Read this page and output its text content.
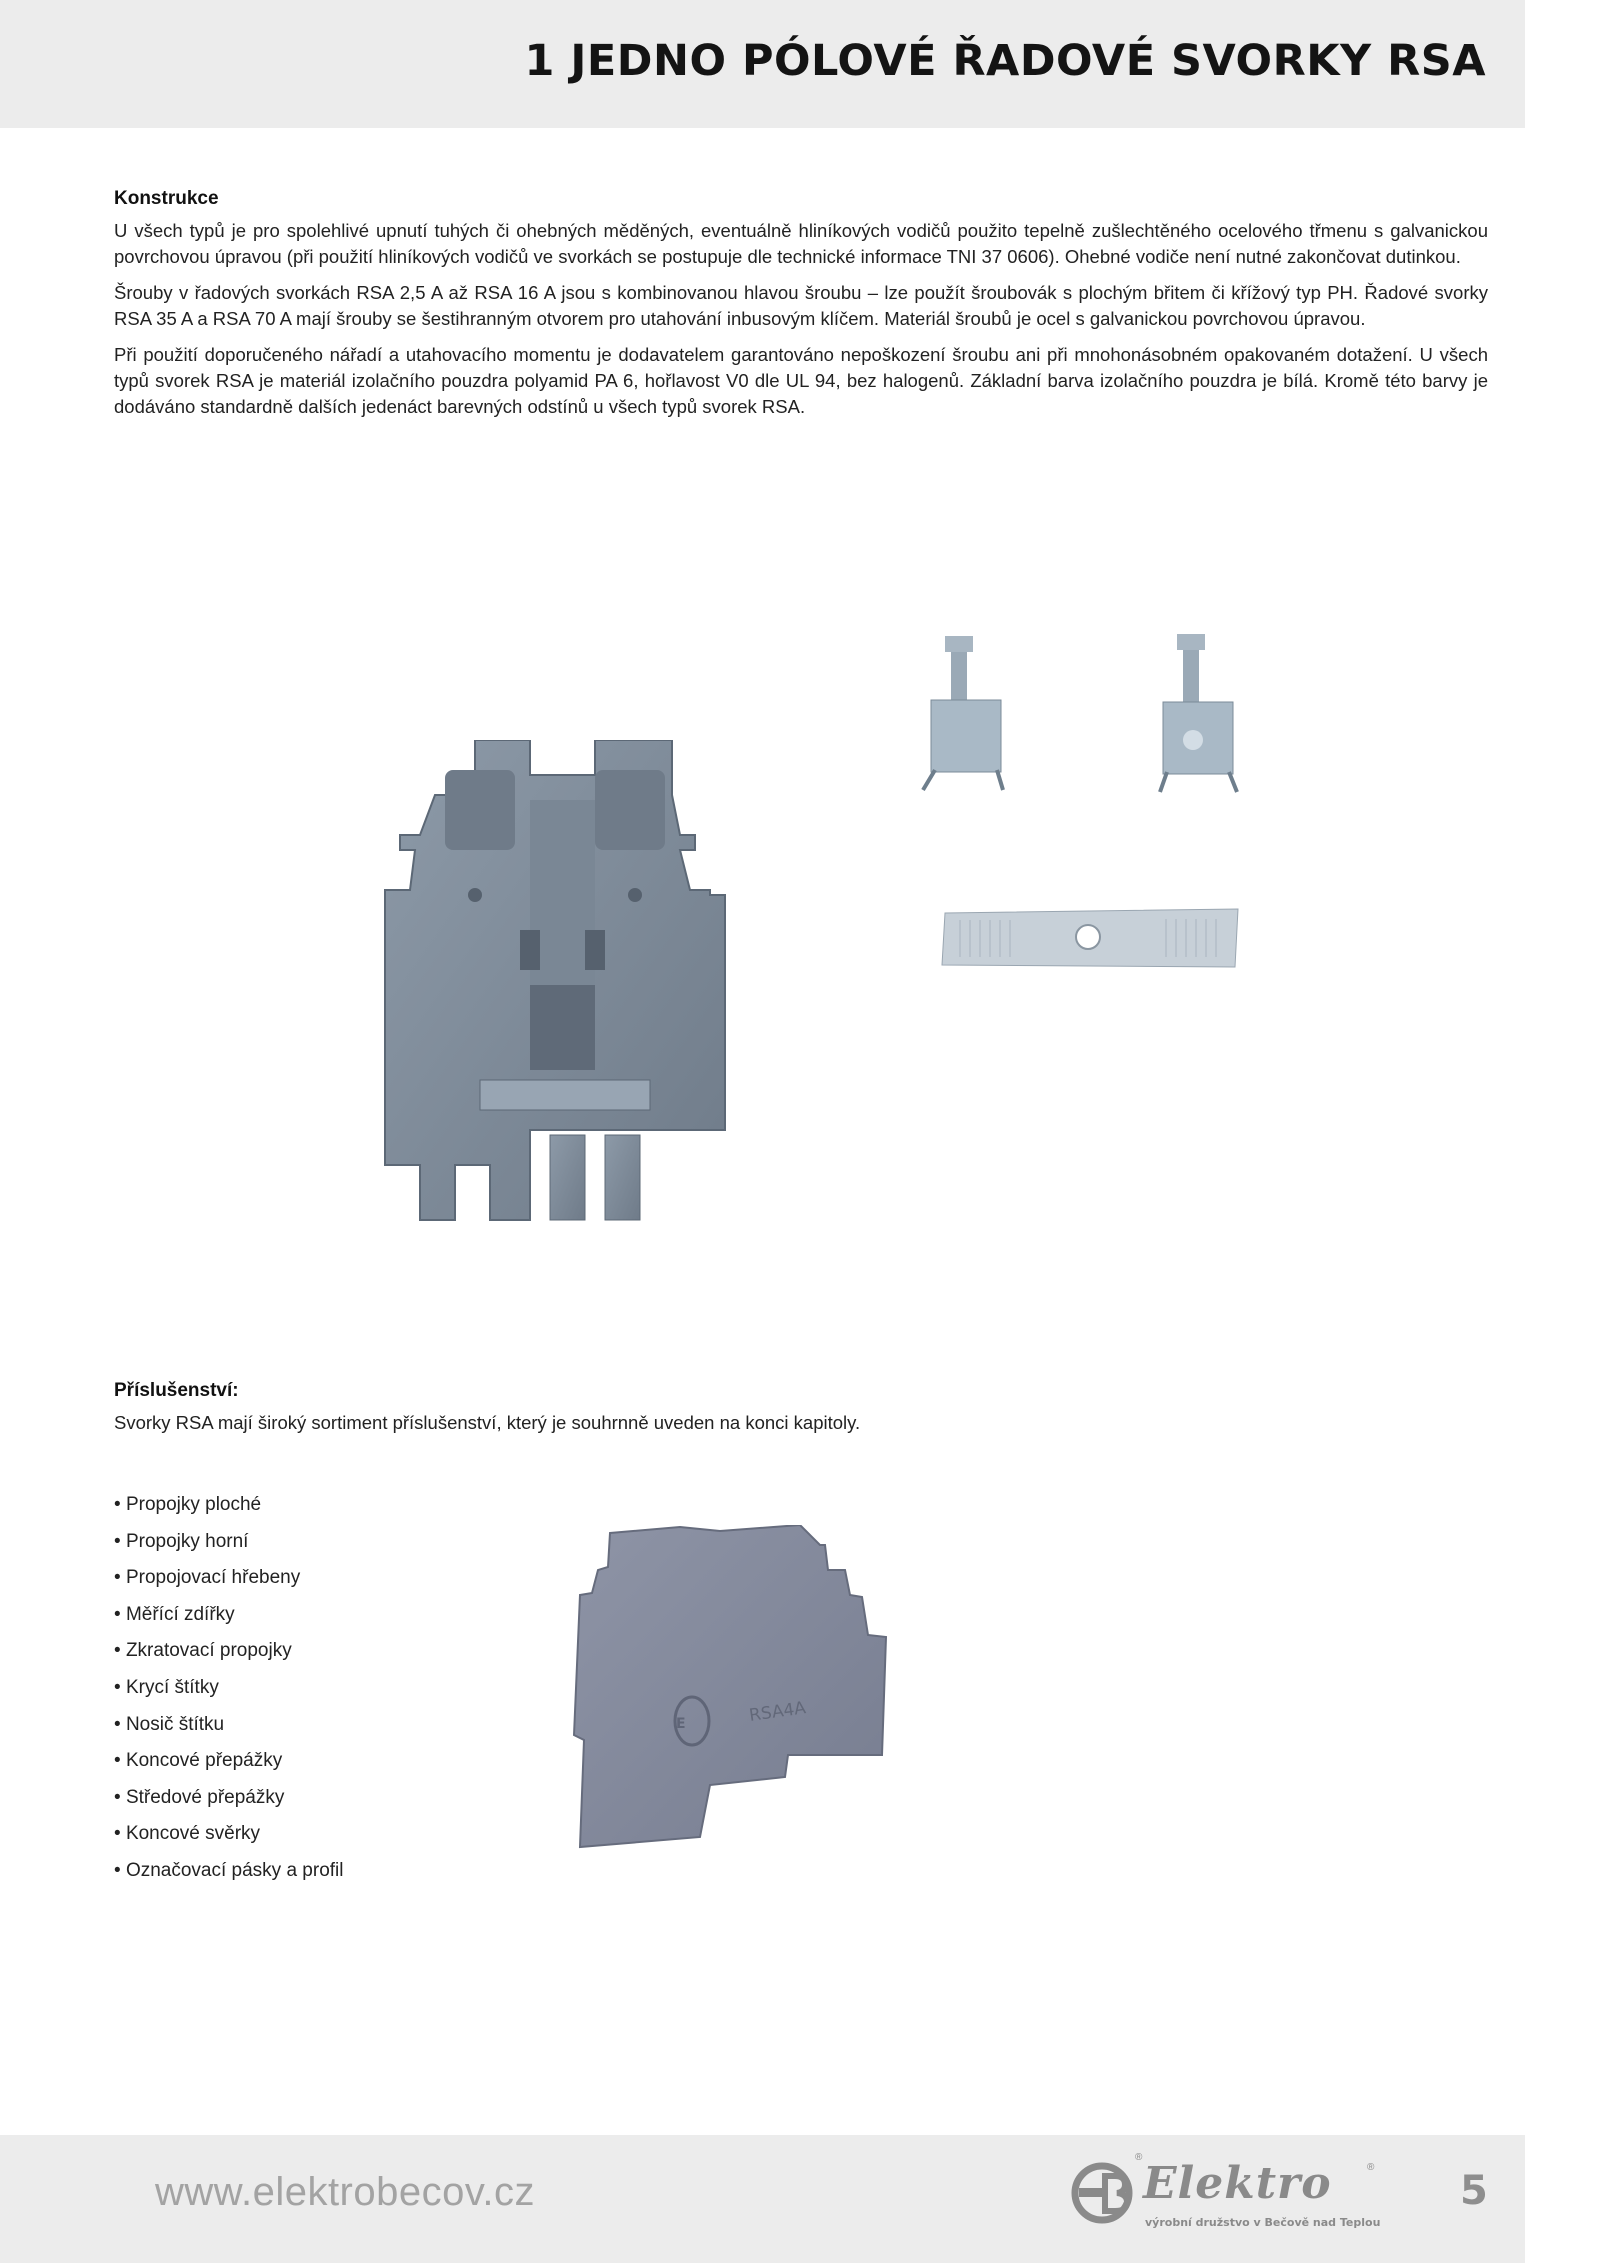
1 JEDNO PÓLOVÉ ŘADOVÉ SVORKY RSA
Konstrukce

U všech typů je pro spolehlivé upnutí tuhých či ohebných měděných, eventuálně hliníkových vodičů použito tepelně zušlechtěného ocelového třmenu s galvanickou povrchovou úpravou (při použití hliníkových vodičů ve svorkách se postupuje dle technické informace TNI 37 0606). Ohebné vodiče není nutné zakončovat dutinkou.

Šrouby v řadových svorkách RSA 2,5 A až RSA 16 A jsou s kombinovanou hlavou šroubu – lze použít šroubovák s plochým břitem či křížový typ PH. Řadové svorky RSA 35 A a RSA 70 A mají šrouby se šestihranným otvorem pro utahování inbusovým klíčem. Materiál šroubů je ocel s galvanickou povrchovou úpravou.

Při použití doporučeného nářadí a utahovacího momentu je dodavatelem garantováno nepoškození šroubu ani při mnohonásobném opakovaném dotažení. U všech typů svorek RSA je materiál izolačního pouzdra polyamid PA 6, hořlavost V0 dle UL 94, bez halogenů. Základní barva izolačního pouzdra je bílá. Kromě této barvy je dodáváno standardně dalších jedenáct barevných odstínů u všech typů svorek RSA.

Příslušenství:

Svorky RSA mají široký sortiment příslušenství, který je souhrnně uveden na konci kapitoly.

• Propojky ploché
• Propojky horní
• Propojovací hřebeny
• Měřící zdířky
• Zkratovací propojky
• Krycí štítky
• Nosič štítku
• Koncové přepážky
• Středové přepážky
• Koncové svěrky
• Označovací pásky a profil
E	RSA4A
www.elektrobecov.cz
®
Elektro	®
výrobní družstvo v Bečově nad Teplou
5
